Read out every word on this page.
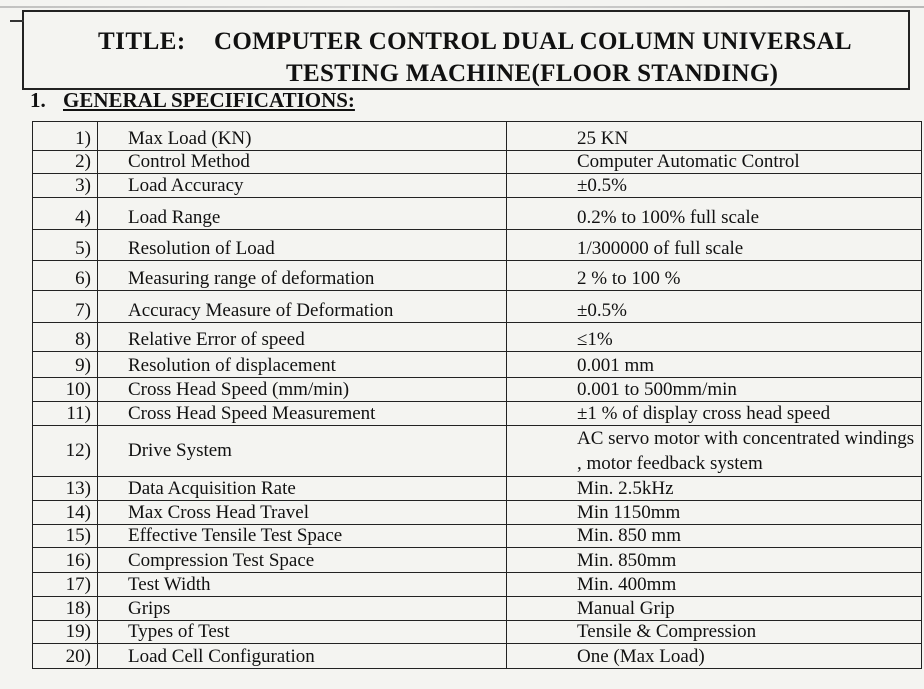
TITLE: COMPUTER CONTROL DUAL COLUMN UNIVERSAL
TESTING MACHINE(FLOOR STANDING)
1. GENERAL SPECIFICATIONS:
1)	Max Load (KN)	25 KN
2)	Control Method	Computer Automatic Control
3)	Load Accuracy	±0.5%
4)	Load Range	0.2% to 100% full scale
5)	Resolution of Load	1/300000 of full scale
6)	Measuring range of deformation	2 % to 100 %
7)	Accuracy Measure of Deformation	±0.5%
8)	Relative Error of speed	≤1%
9)	Resolution of displacement	0.001 mm
10)	Cross Head Speed (mm/min)	0.001 to 500mm/min
11)	Cross Head Speed Measurement	±1 % of display cross head speed
12)	Drive System	AC servo motor with concentrated windings , motor feedback system
13)	Data Acquisition Rate	Min. 2.5kHz
14)	Max Cross Head Travel	Min 1150mm
15)	Effective Tensile Test Space	Min. 850 mm
16)	Compression Test Space	Min. 850mm
17)	Test Width	Min. 400mm
18)	Grips	Manual Grip
19)	Types of Test	Tensile & Compression
20)	Load Cell Configuration	One (Max Load)
